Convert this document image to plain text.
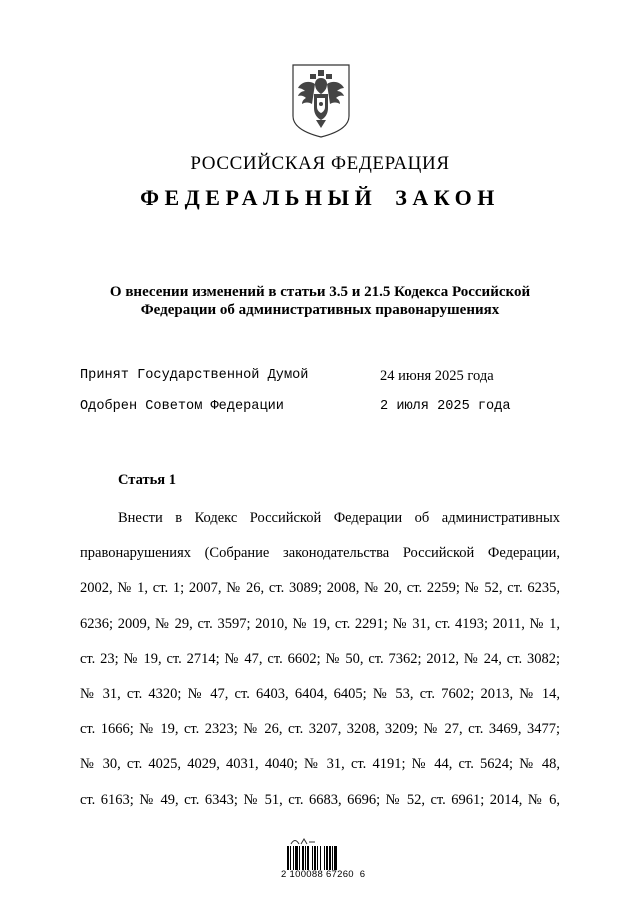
РОССИЙСКАЯ ФЕДЕРАЦИЯ
ФЕДЕРАЛЬНЫЙ ЗАКОН
О внесении изменений в статьи 3.5 и 21.5 Кодекса Российской
Федерации об административных правонарушениях
Принят Государственной Думой	24 июня 2025 года
Одобрен Советом Федерации	2 июля 2025 года
Статья 1
Внести в Кодекс Российской Федерации об административных
правонарушениях (Собрание законодательства Российской Федерации,
2002, № 1, ст. 1; 2007, № 26, ст. 3089; 2008, № 20, ст. 2259; № 52, ст. 6235,
6236; 2009, № 29, ст. 3597; 2010, № 19, ст. 2291; № 31, ст. 4193; 2011, № 1,
ст. 23; № 19, ст. 2714; № 47, ст. 6602; № 50, ст. 7362; 2012, № 24, ст. 3082;
№ 31, ст. 4320; № 47, ст. 6403, 6404, 6405; № 53, ст. 7602; 2013, № 14,
ст. 1666; № 19, ст. 2323; № 26, ст. 3207, 3208, 3209; № 27, ст. 3469, 3477;
№ 30, ст. 4025, 4029, 4031, 4040; № 31, ст. 4191; № 44, ст. 5624; № 48,
ст. 6163; № 49, ст. 6343; № 51, ст. 6683, 6696; № 52, ст. 6961; 2014, № 6,
2 100088 67260  6
